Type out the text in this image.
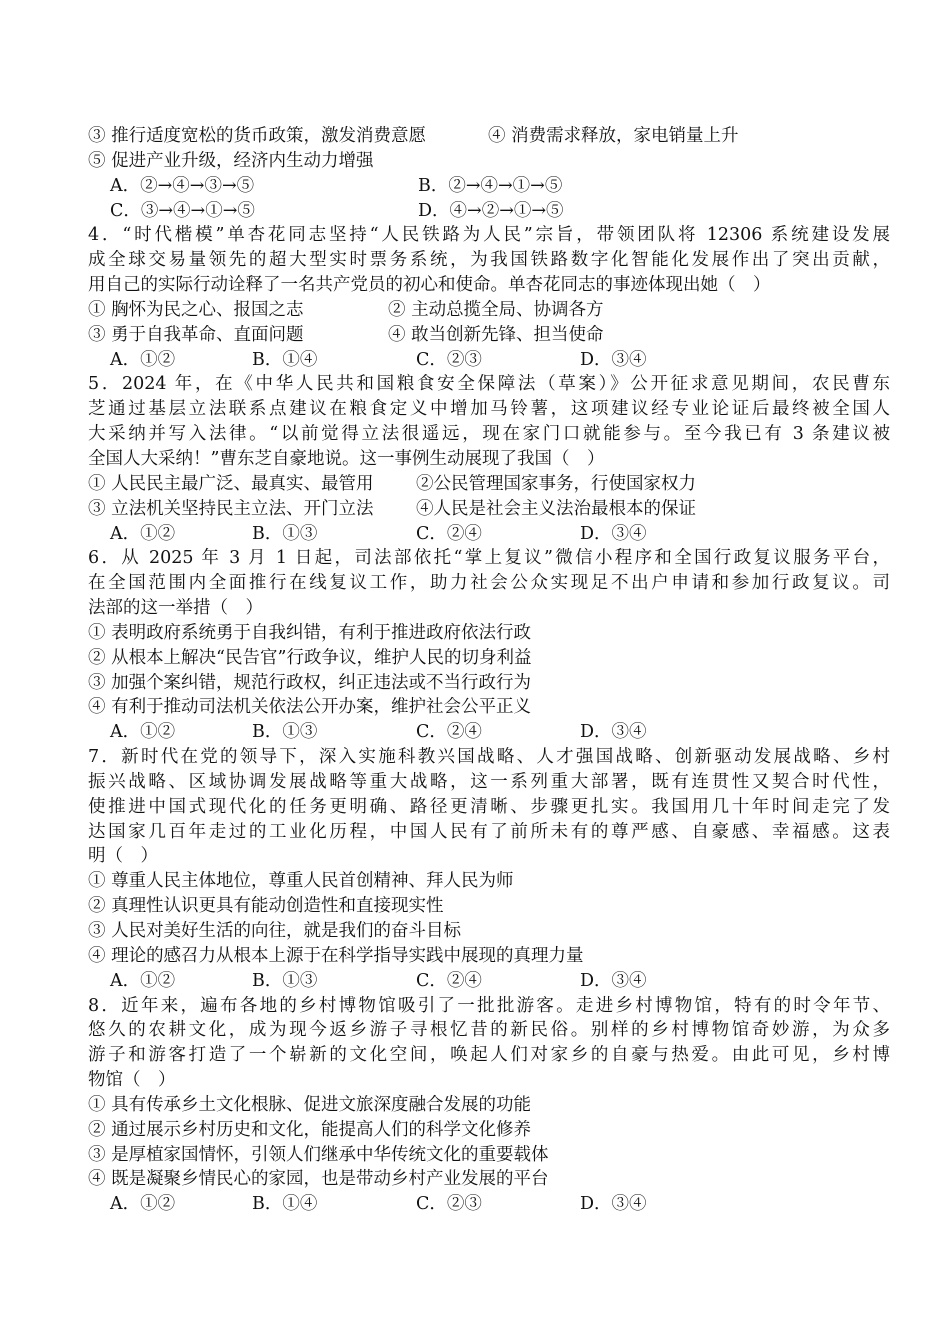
③ 推行适度宽松的货币政策，激发消费意愿	④ 消费需求释放，家电销量上升
⑤ 促进产业升级，经济内生动力增强
A．②→④→③→⑤	B．②→④→①→⑤
C．③→④→①→⑤	D．④→②→①→⑤
4．“时代楷模”单杏花同志坚持“人民铁路为人民”宗旨，带领团队将 12306 系统建设发展
成全球交易量领先的超大型实时票务系统，为我国铁路数字化智能化发展作出了突出贡献，
用自己的实际行动诠释了一名共产党员的初心和使命。单杏花同志的事迹体现出她（　）
① 胸怀为民之心、报国之志	② 主动总揽全局、协调各方
③ 勇于自我革命、直面问题	④ 敢当创新先锋、担当使命
A．①②	B．①④	C．②③	D．③④
5．2024 年，在《中华人民共和国粮食安全保障法（草案）》公开征求意见期间，农民曹东
芝通过基层立法联系点建议在粮食定义中增加马铃薯，这项建议经专业论证后最终被全国人
大采纳并写入法律。“以前觉得立法很遥远，现在家门口就能参与。至今我已有 3 条建议被
全国人大采纳！”曹东芝自豪地说。这一事例生动展现了我国（　）
① 人民民主最广泛、最真实、最管用	②公民管理国家事务，行使国家权力
③ 立法机关坚持民主立法、开门立法	④人民是社会主义法治最根本的保证
A．①②	B．①③	C．②④	D．③④
6．从 2025 年 3 月 1 日起，司法部依托“掌上复议”微信小程序和全国行政复议服务平台，
在全国范围内全面推行在线复议工作，助力社会公众实现足不出户申请和参加行政复议。司
法部的这一举措（　）
① 表明政府系统勇于自我纠错，有利于推进政府依法行政
② 从根本上解决“民告官”行政争议，维护人民的切身利益
③ 加强个案纠错，规范行政权，纠正违法或不当行政行为
④ 有利于推动司法机关依法公开办案，维护社会公平正义
A．①②	B．①③	C．②④	D．③④
7．新时代在党的领导下，深入实施科教兴国战略、人才强国战略、创新驱动发展战略、乡村
振兴战略、区域协调发展战略等重大战略，这一系列重大部署，既有连贯性又契合时代性，
使推进中国式现代化的任务更明确、路径更清晰、步骤更扎实。我国用几十年时间走完了发
达国家几百年走过的工业化历程，中国人民有了前所未有的尊严感、自豪感、幸福感。这表
明（　）
① 尊重人民主体地位，尊重人民首创精神、拜人民为师
② 真理性认识更具有能动创造性和直接现实性
③ 人民对美好生活的向往，就是我们的奋斗目标
④ 理论的感召力从根本上源于在科学指导实践中展现的真理力量
A．①②	B．①③	C．②④	D．③④
8．近年来，遍布各地的乡村博物馆吸引了一批批游客。走进乡村博物馆，特有的时令年节、
悠久的农耕文化，成为现今返乡游子寻根忆昔的新民俗。别样的乡村博物馆奇妙游，为众多
游子和游客打造了一个崭新的文化空间，唤起人们对家乡的自豪与热爱。由此可见，乡村博
物馆（　）
① 具有传承乡土文化根脉、促进文旅深度融合发展的功能
② 通过展示乡村历史和文化，能提高人们的科学文化修养
③ 是厚植家国情怀，引领人们继承中华传统文化的重要载体
④ 既是凝聚乡情民心的家园，也是带动乡村产业发展的平台
A．①②	B．①④	C．②③	D．③④
